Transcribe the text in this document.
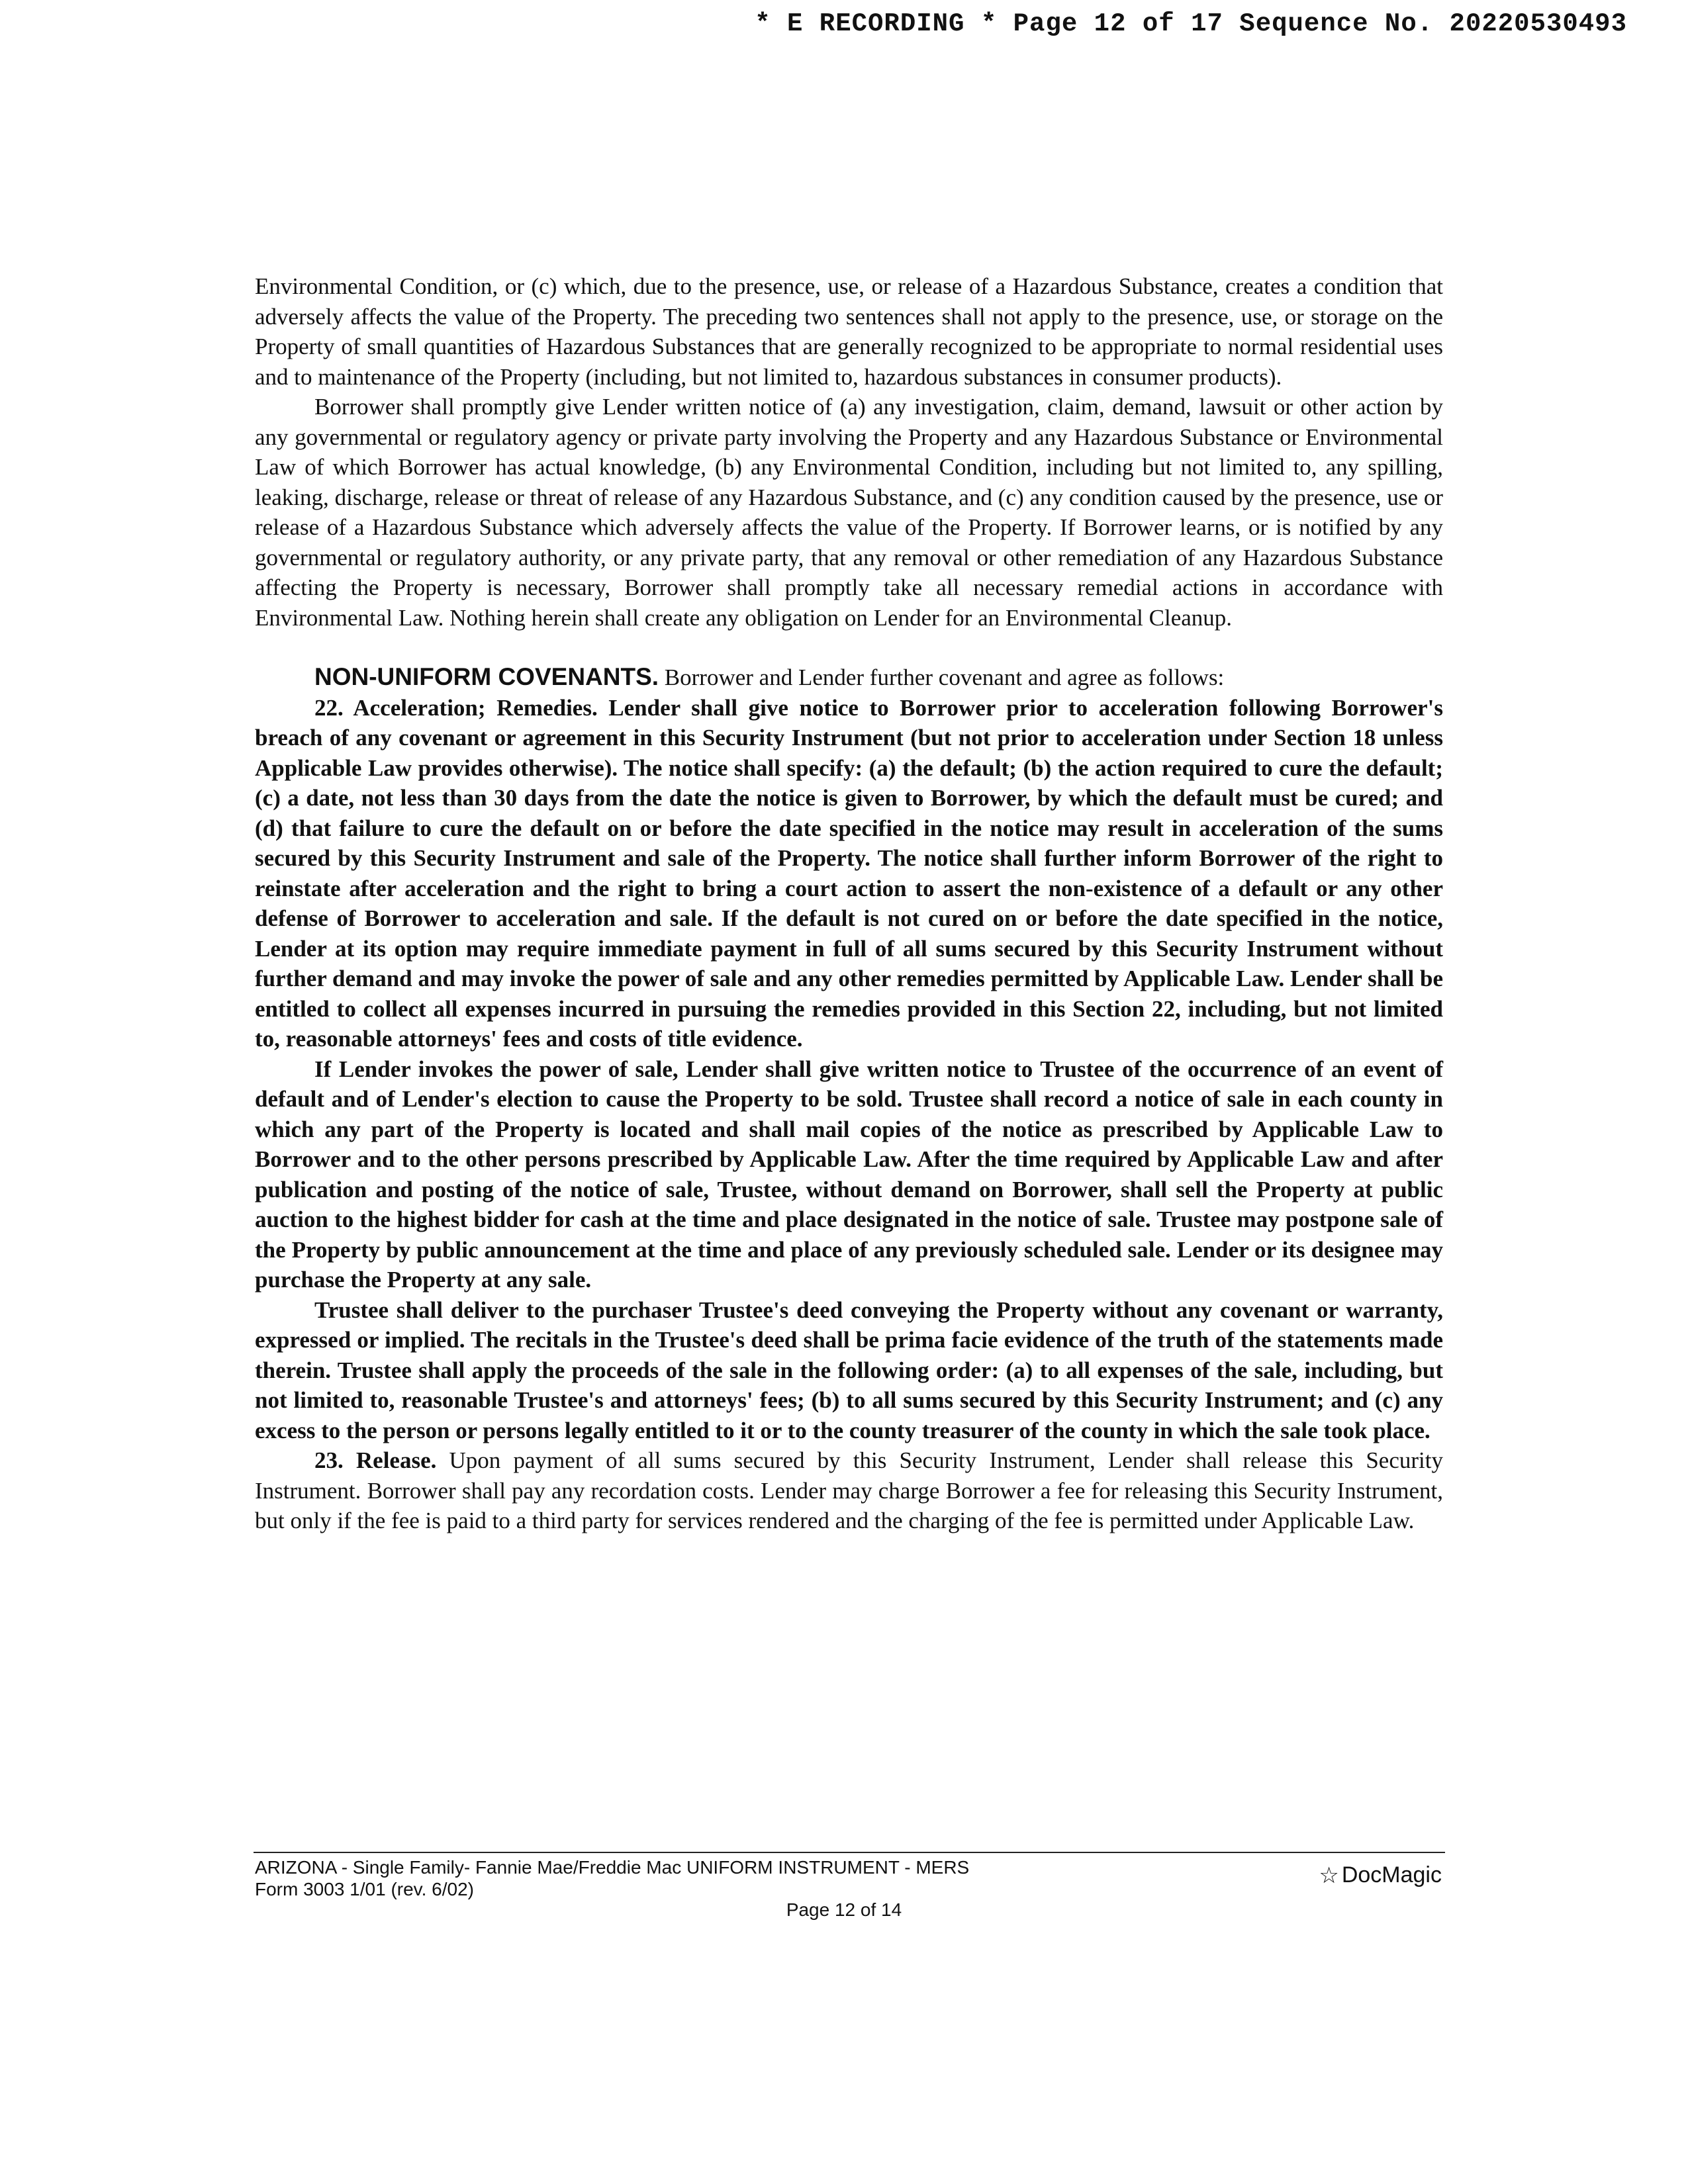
* E RECORDING * Page 12 of 17 Sequence No. 20220530493

Environmental Condition, or (c) which, due to the presence, use, or release of a Hazardous Substance, creates a condition that adversely affects the value of the Property. The preceding two sentences shall not apply to the presence, use, or storage on the Property of small quantities of Hazardous Substances that are generally recognized to be appropriate to normal residential uses and to maintenance of the Property (including, but not limited to, hazardous substances in consumer products).

Borrower shall promptly give Lender written notice of (a) any investigation, claim, demand, lawsuit or other action by any governmental or regulatory agency or private party involving the Property and any Hazardous Substance or Environmental Law of which Borrower has actual knowledge, (b) any Environmental Condition, including but not limited to, any spilling, leaking, discharge, release or threat of release of any Hazardous Substance, and (c) any condition caused by the presence, use or release of a Hazardous Substance which adversely affects the value of the Property. If Borrower learns, or is notified by any governmental or regulatory authority, or any private party, that any removal or other remediation of any Hazardous Substance affecting the Property is necessary, Borrower shall promptly take all necessary remedial actions in accordance with Environmental Law. Nothing herein shall create any obligation on Lender for an Environmental Cleanup.

NON-UNIFORM COVENANTS. Borrower and Lender further covenant and agree as follows:

22. Acceleration; Remedies. Lender shall give notice to Borrower prior to acceleration following Borrower's breach of any covenant or agreement in this Security Instrument (but not prior to acceleration under Section 18 unless Applicable Law provides otherwise). The notice shall specify: (a) the default; (b) the action required to cure the default; (c) a date, not less than 30 days from the date the notice is given to Borrower, by which the default must be cured; and (d) that failure to cure the default on or before the date specified in the notice may result in acceleration of the sums secured by this Security Instrument and sale of the Property. The notice shall further inform Borrower of the right to reinstate after acceleration and the right to bring a court action to assert the non-existence of a default or any other defense of Borrower to acceleration and sale. If the default is not cured on or before the date specified in the notice, Lender at its option may require immediate payment in full of all sums secured by this Security Instrument without further demand and may invoke the power of sale and any other remedies permitted by Applicable Law. Lender shall be entitled to collect all expenses incurred in pursuing the remedies provided in this Section 22, including, but not limited to, reasonable attorneys' fees and costs of title evidence.

If Lender invokes the power of sale, Lender shall give written notice to Trustee of the occurrence of an event of default and of Lender's election to cause the Property to be sold. Trustee shall record a notice of sale in each county in which any part of the Property is located and shall mail copies of the notice as prescribed by Applicable Law to Borrower and to the other persons prescribed by Applicable Law. After the time required by Applicable Law and after publication and posting of the notice of sale, Trustee, without demand on Borrower, shall sell the Property at public auction to the highest bidder for cash at the time and place designated in the notice of sale. Trustee may postpone sale of the Property by public announcement at the time and place of any previously scheduled sale. Lender or its designee may purchase the Property at any sale.

Trustee shall deliver to the purchaser Trustee's deed conveying the Property without any covenant or warranty, expressed or implied. The recitals in the Trustee's deed shall be prima facie evidence of the truth of the statements made therein. Trustee shall apply the proceeds of the sale in the following order: (a) to all expenses of the sale, including, but not limited to, reasonable Trustee's and attorneys' fees; (b) to all sums secured by this Security Instrument; and (c) any excess to the person or persons legally entitled to it or to the county treasurer of the county in which the sale took place.

23. Release. Upon payment of all sums secured by this Security Instrument, Lender shall release this Security Instrument. Borrower shall pay any recordation costs. Lender may charge Borrower a fee for releasing this Security Instrument, but only if the fee is paid to a third party for services rendered and the charging of the fee is permitted under Applicable Law.

ARIZONA - Single Family- Fannie Mae/Freddie Mac UNIFORM INSTRUMENT - MERS
Form 3003 1/01 (rev. 6/02)
☆ DocMagic
Page 12 of 14
